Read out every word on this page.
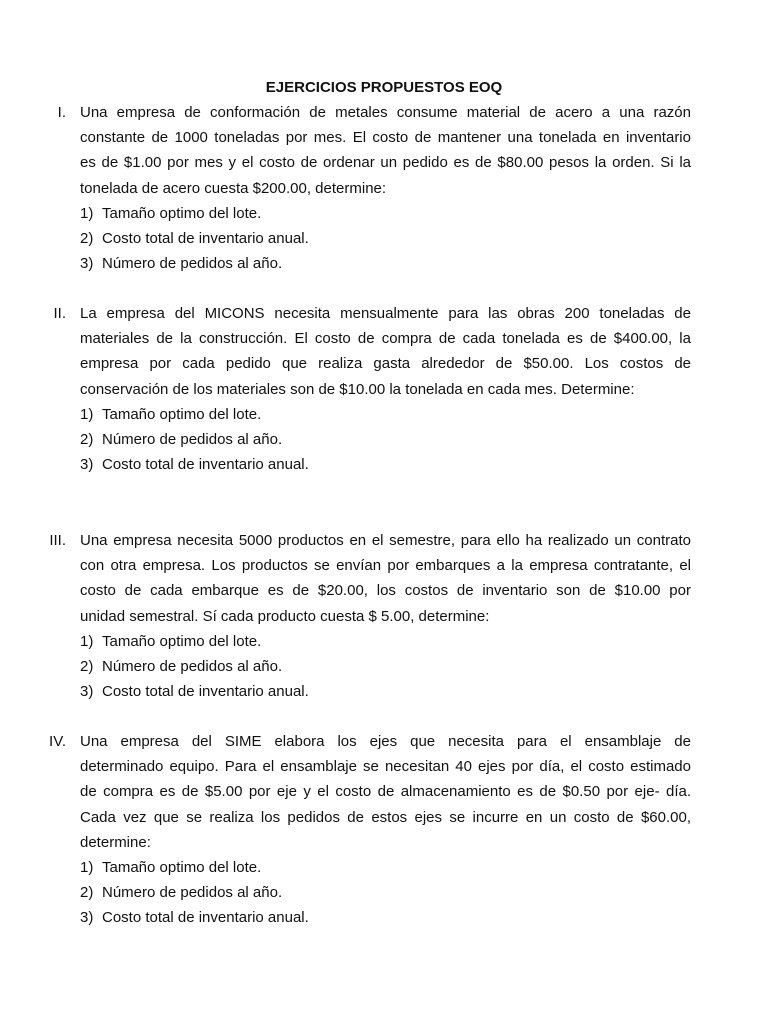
EJERCICIOS PROPUESTOS EOQ
I. Una empresa de conformación de metales consume material de acero a una razón
constante de 1000 toneladas por mes. El costo de mantener una tonelada en inventario
es de $1.00 por mes y el costo de ordenar un pedido es de $80.00 pesos la orden. Si la
tonelada de acero cuesta $200.00, determine:
1) Tamaño optimo del lote.
2) Costo total de inventario anual.
3) Número de pedidos al año.
II. La empresa del MICONS necesita mensualmente para las obras 200 toneladas de
materiales de la construcción. El costo de compra de cada tonelada es de $400.00, la
empresa por cada pedido que realiza gasta alrededor de $50.00. Los costos de
conservación de los materiales son de $10.00 la tonelada en cada mes. Determine:
1) Tamaño optimo del lote.
2) Número de pedidos al año.
3) Costo total de inventario anual.
III. Una empresa necesita 5000 productos en el semestre, para ello ha realizado un contrato
con otra empresa. Los productos se envían por embarques a la empresa contratante, el
costo de cada embarque es de $20.00, los costos de inventario son de $10.00 por
unidad semestral. Sí cada producto cuesta $ 5.00, determine:
1) Tamaño optimo del lote.
2) Número de pedidos al año.
3) Costo total de inventario anual.
IV. Una empresa del SIME elabora los ejes que necesita para el ensamblaje de
determinado equipo. Para el ensamblaje se necesitan 40 ejes por día, el costo estimado
de compra es de $5.00 por eje y el costo de almacenamiento es de $0.50 por eje- día.
Cada vez que se realiza los pedidos de estos ejes se incurre en un costo de $60.00,
determine:
1) Tamaño optimo del lote.
2) Número de pedidos al año.
3) Costo total de inventario anual.
